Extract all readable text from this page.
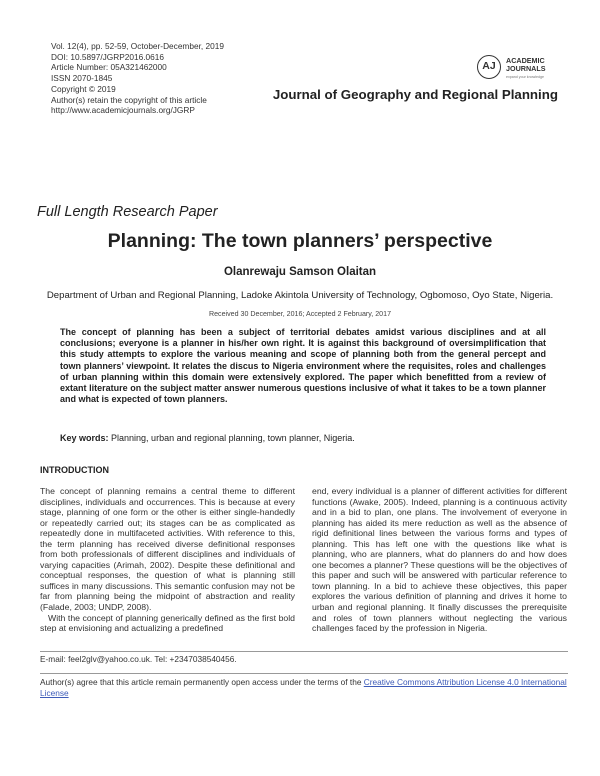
Vol. 12(4), pp. 52-59, October-December, 2019
DOI: 10.5897/JGRP2016.0616
Article Number: 05A321462000
ISSN 2070-1845
Copyright © 2019
Author(s) retain the copyright of this article
http://www.academicjournals.org/JGRP
AJ	ACADEMIC
JOURNALS
expand your knowledge
Journal of Geography and Regional Planning
Full Length Research Paper
Planning: The town planners’ perspective
Olanrewaju Samson Olaitan
Department of Urban and Regional Planning, Ladoke Akintola University of Technology, Ogbomoso, Oyo State, Nigeria.
Received 30 December, 2016; Accepted 2 February, 2017
The concept of planning has been a subject of territorial debates amidst various disciplines and at all conclusions; everyone is a planner in his/her own right. It is against this background of oversimplification that this study attempts to explore the various meaning and scope of planning both from the general percept and town planners’ viewpoint. It relates the discus to Nigeria environment where the requisites, roles and challenges of urban planning within this domain were extensively explored. The paper which benefitted from a review of extant literature on the subject matter answer numerous questions inclusive of what it takes to be a town planner and what is expected of town planners.
Key words: Planning, urban and regional planning, town planner, Nigeria.
INTRODUCTION

The concept of planning remains a central theme to different disciplines, individuals and occurrences. This is because at every stage, planning of one form or the other is either single-handedly or repeatedly carried out; its stages can be as complicated as repeatedly done in multifaceted activities. With reference to this, the term planning has received diverse definitional responses from both professionals of different disciplines and individuals of varying capacities (Arimah, 2002). Despite these definitional and conceptual responses, the question of what is planning still suffices in many discussions. This semantic confusion may not be far from planning being the midpoint of abstraction and reality (Falade, 2003; UNDP, 2008).

With the concept of planning generically defined as the first bold step at envisioning and actualizing a predefined

end, every individual is a planner of different activities for different functions (Awake, 2005). Indeed, planning is a continuous activity and in a bid to plan, one plans. The involvement of everyone in planning has aided its mere reduction as well as the absence of rigid definitional lines between the various forms and types of planning. This has left one with the questions like what is planning, who are planners, what do planners do and how does one becomes a planner? These questions will be the objectives of this paper and such will be answered with particular reference to town planning. In a bid to achieve these objectives, this paper explores the various definition of planning and drives it home to urban and regional planning. It finally discusses the prerequisite and roles of town planners without neglecting the various challenges faced by the profession in Nigeria.

E-mail: feel2glv@yahoo.co.uk. Tel: +2347038540456.
Author(s) agree that this article remain permanently open access under the terms of the Creative Commons Attribution License 4.0 International License
